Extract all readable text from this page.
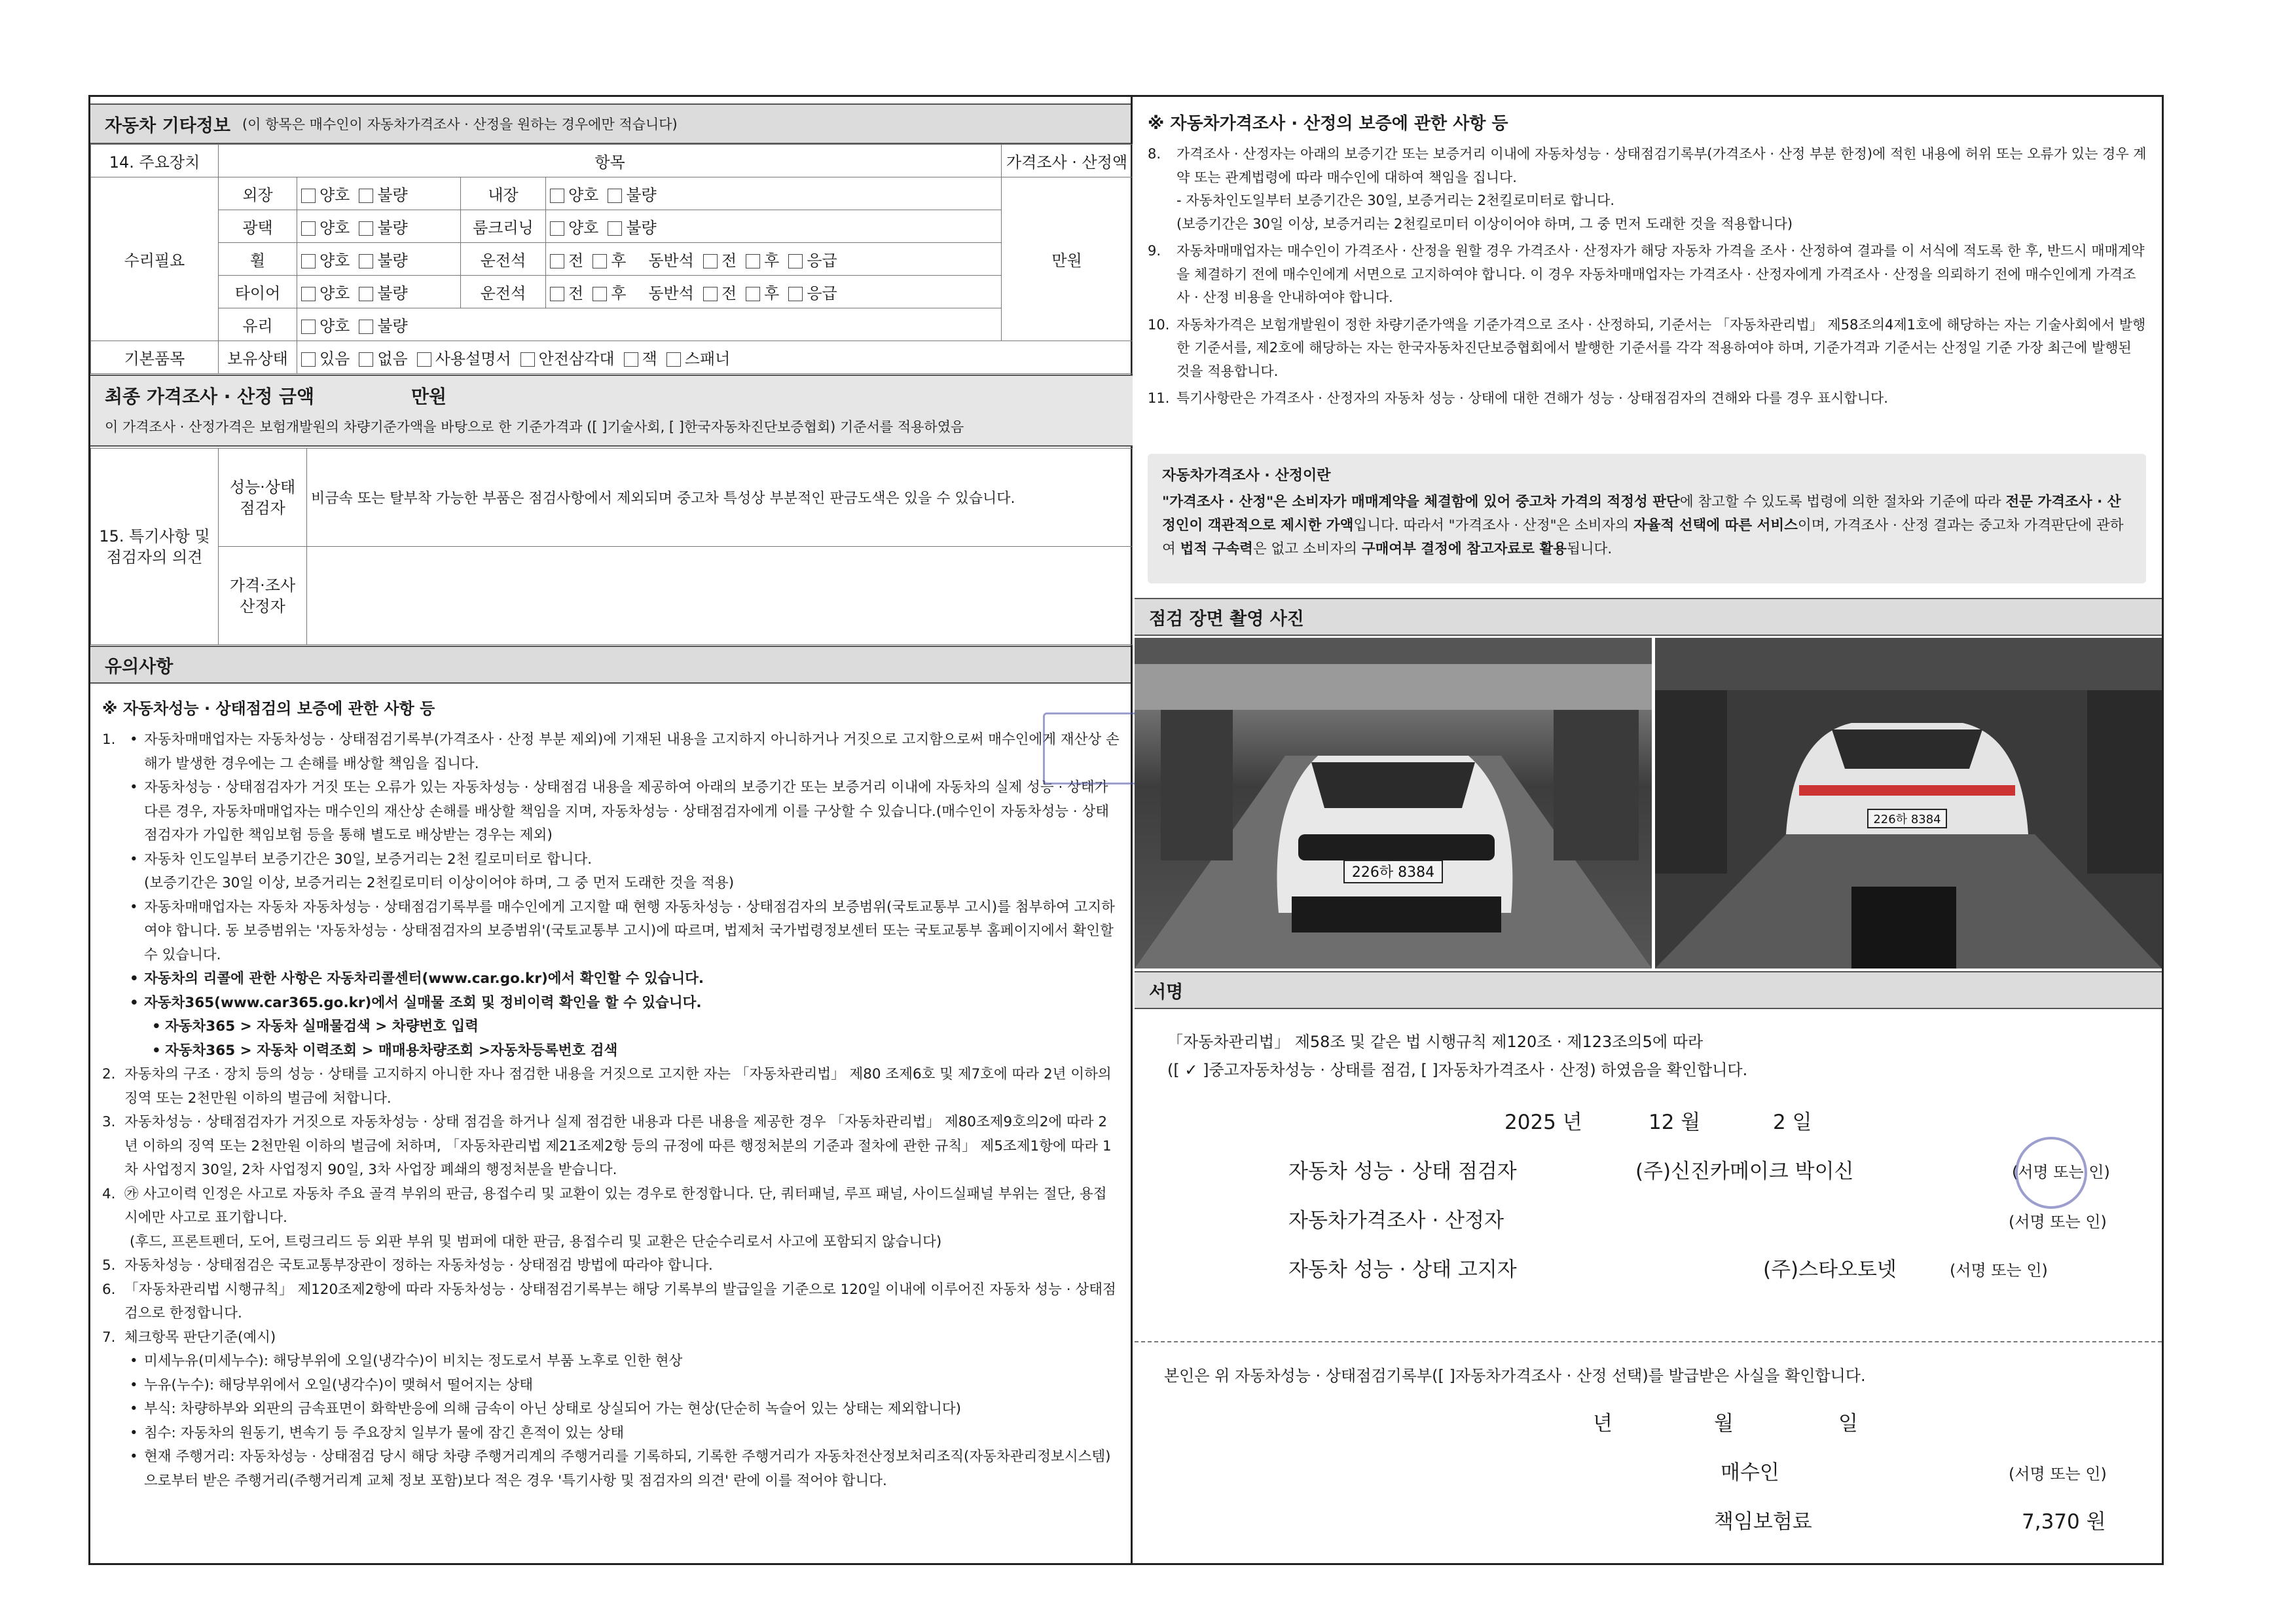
자동차 기타정보 (이 항목은 매수인이 자동차가격조사 · 산정을 원하는 경우에만 적습니다)
14. 주요장치	항목				가격조사 · 산정액
수리필요	외장	양호 불량	내장	양호 불량	만원
	광택	양호 불량	룸크리닝	양호 불량	
	휠	양호 불량	운전석	전 후 동반석 전 후 응급	
	타이어	양호 불량	운전석	전 후 동반석 전 후 응급	
	유리	양호 불량			
기본품목	보유상태	있음 없음 사용설명서 안전삼각대 잭 스패너			
최종 가격조사 · 산정 금액	만원
이 가격조사 · 산정가격은 보험개발원의 차량기준가액을 바탕으로 한 기준가격과 ([ ]기술사회, [ ]한국자동차진단보증협회) 기준서를 적용하였음
15. 특기사항 및 점검자의 의견	성능·상태 점검자	비금속 또는 탈부착 가능한 부품은 점검사항에서 제외되며 중고차 특성상 부분적인 판금도색은 있을 수 있습니다.
	가격·조사 산정자	
유의사항
※ 자동차성능 · 상태점검의 보증에 관한 사항 등
1.	• 자동차매매업자는 자동차성능 · 상태점검기록부(가격조사 · 산정 부분 제외)에 기재된 내용을 고지하지 아니하거나 거짓으로 고지함으로써 매수인에게 재산상 손해가 발생한 경우에는 그 손해를 배상할 책임을 집니다.
• 자동차성능 · 상태점검자가 거짓 또는 오류가 있는 자동차성능 · 상태점검 내용을 제공하여 아래의 보증기간 또는 보증거리 이내에 자동차의 실제 성능 · 상태가 다른 경우, 자동차매매업자는 매수인의 재산상 손해를 배상할 책임을 지며, 자동차성능 · 상태점검자에게 이를 구상할 수 있습니다.(매수인이 자동차성능 · 상태점검자가 가입한 책임보험 등을 통해 별도로 배상받는 경우는 제외)
• 자동차 인도일부터 보증기간은 30일, 보증거리는 2천 킬로미터로 합니다.
(보증기간은 30일 이상, 보증거리는 2천킬로미터 이상이어야 하며, 그 중 먼저 도래한 것을 적용)
• 자동차매매업자는 자동차 자동차성능 · 상태점검기록부를 매수인에게 고지할 때 현행 자동차성능 · 상태점검자의 보증범위(국토교통부 고시)를 첨부하여 고지하여야 합니다. 동 보증범위는 '자동차성능 · 상태점검자의 보증범위'(국토교통부 고시)에 따르며, 법제처 국가법령정보센터 또는 국토교통부 홈페이지에서 확인할 수 있습니다.
• 자동차의 리콜에 관한 사항은 자동차리콜센터(www.car.go.kr)에서 확인할 수 있습니다.
• 자동차365(www.car365.go.kr)에서 실매물 조회 및 정비이력 확인을 할 수 있습니다.
• 자동차365 > 자동차 실매물검색 > 차량번호 입력
• 자동차365 > 자동차 이력조회 > 매매용차량조회 >자동차등록번호 검색
2. 자동차의 구조 · 장치 등의 성능 · 상태를 고지하지 아니한 자나 점검한 내용을 거짓으로 고지한 자는 「자동차관리법」 제80 조제6호 및 제7호에 따라 2년 이하의 징역 또는 2천만원 이하의 벌금에 처합니다.
3. 자동차성능 · 상태점검자가 거짓으로 자동차성능 · 상태 점검을 하거나 실제 점검한 내용과 다른 내용을 제공한 경우 「자동차관리법」 제80조제9호의2에 따라 2년 이하의 징역 또는 2천만원 이하의 벌금에 처하며, 「자동차관리법 제21조제2항 등의 규정에 따른 행정처분의 기준과 절차에 관한 규칙」 제5조제1항에 따라 1차 사업정지 30일, 2차 사업정지 90일, 3차 사업장 폐쇄의 행정처분을 받습니다.
4. ㉮ 사고이력 인정은 사고로 자동차 주요 골격 부위의 판금, 용접수리 및 교환이 있는 경우로 한정합니다. 단, 쿼터패널, 루프 패널, 사이드실패널 부위는 절단, 용접 시에만 사고로 표기합니다.
(후드, 프론트펜더, 도어, 트렁크리드 등 외판 부위 및 범퍼에 대한 판금, 용접수리 및 교환은 단순수리로서 사고에 포함되지 않습니다)
5. 자동차성능 · 상태점검은 국토교통부장관이 정하는 자동차성능 · 상태점검 방법에 따라야 합니다.
6. 「자동차관리법 시행규칙」 제120조제2항에 따라 자동차성능 · 상태점검기록부는 해당 기록부의 발급일을 기준으로 120일 이내에 이루어진 자동차 성능 · 상태점검으로 한정합니다.
7. 체크항목 판단기준(예시)
• 미세누유(미세누수): 해당부위에 오일(냉각수)이 비치는 정도로서 부품 노후로 인한 현상
• 누유(누수): 해당부위에서 오일(냉각수)이 맺혀서 떨어지는 상태
• 부식: 차량하부와 외판의 금속표면이 화학반응에 의해 금속이 아닌 상태로 상실되어 가는 현상(단순히 녹슬어 있는 상태는 제외합니다)
• 침수: 자동차의 원동기, 변속기 등 주요장치 일부가 물에 잠긴 흔적이 있는 상태
• 현재 주행거리: 자동차성능 · 상태점검 당시 해당 차량 주행거리계의 주행거리를 기록하되, 기록한 주행거리가 자동차전산정보처리조직(자동차관리정보시스템)으로부터 받은 주행거리(주행거리계 교체 정보 포함)보다 적은 경우 '특기사항 및 점검자의 의견' 란에 이를 적어야 합니다.
※ 자동차가격조사 · 산정의 보증에 관한 사항 등
8. 가격조사 · 산정자는 아래의 보증기간 또는 보증거리 이내에 자동차성능 · 상태점검기록부(가격조사 · 산정 부분 한정)에 적힌 내용에 허위 또는 오류가 있는 경우 계약 또는 관계법령에 따라 매수인에 대하여 책임을 집니다.
- 자동차인도일부터 보증기간은 30일, 보증거리는 2천킬로미터로 합니다.
(보증기간은 30일 이상, 보증거리는 2천킬로미터 이상이어야 하며, 그 중 먼저 도래한 것을 적용합니다)
9. 자동차매매업자는 매수인이 가격조사 · 산정을 원할 경우 가격조사 · 산정자가 해당 자동차 가격을 조사 · 산정하여 결과를 이 서식에 적도록 한 후, 반드시 매매계약을 체결하기 전에 매수인에게 서면으로 고지하여야 합니다. 이 경우 자동차매매업자는 가격조사 · 산정자에게 가격조사 · 산정을 의뢰하기 전에 매수인에게 가격조사 · 산정 비용을 안내하여야 합니다.
10. 자동차가격은 보험개발원이 정한 차량기준가액을 기준가격으로 조사 · 산정하되, 기준서는 「자동차관리법」 제58조의4제1호에 해당하는 자는 기술사회에서 발행한 기준서를, 제2호에 해당하는 자는 한국자동차진단보증협회에서 발행한 기준서를 각각 적용하여야 하며, 기준가격과 기준서는 산정일 기준 가장 최근에 발행된 것을 적용합니다.
11. 특기사항란은 가격조사 · 산정자의 자동차 성능 · 상태에 대한 견해가 성능 · 상태점검자의 견해와 다를 경우 표시합니다.
자동차가격조사 · 산정이란
"가격조사 · 산정"은 소비자가 매매계약을 체결함에 있어 중고차 가격의 적정성 판단에 참고할 수 있도록 법령에 의한 절차와 기준에 따라 전문 가격조사 · 산정인이 객관적으로 제시한 가액입니다. 따라서 "가격조사 · 산정"은 소비자의 자율적 선택에 따른 서비스이며, 가격조사 · 산정 결과는 중고차 가격판단에 관하여 법적 구속력은 없고 소비자의 구매여부 결정에 참고자료로 활용됩니다.
점검 장면 촬영 사진
226하 8384
226하 8384
서명
「자동차관리법」 제58조 및 같은 법 시행규칙 제120조 · 제123조의5에 따라
([ ✓ ]중고자동차성능 · 상태를 점검, [ ]자동차가격조사 · 산정) 하였음을 확인합니다.
2025 년	12 월	2 일
자동차 성능 · 상태 점검자	(주)신진카메이크 박이신	(서명 또는 인)
자동차가격조사 · 산정자	(서명 또는 인)
자동차 성능 · 상태 고지자	(주)스타오토넷	(서명 또는 인)
본인은 위 자동차성능 · 상태점검기록부([ ]자동차가격조사 · 산정 선택)를 발급받은 사실을 확인합니다.
년	월	일
매수인	(서명 또는 인)
책임보험료	7,370 원
